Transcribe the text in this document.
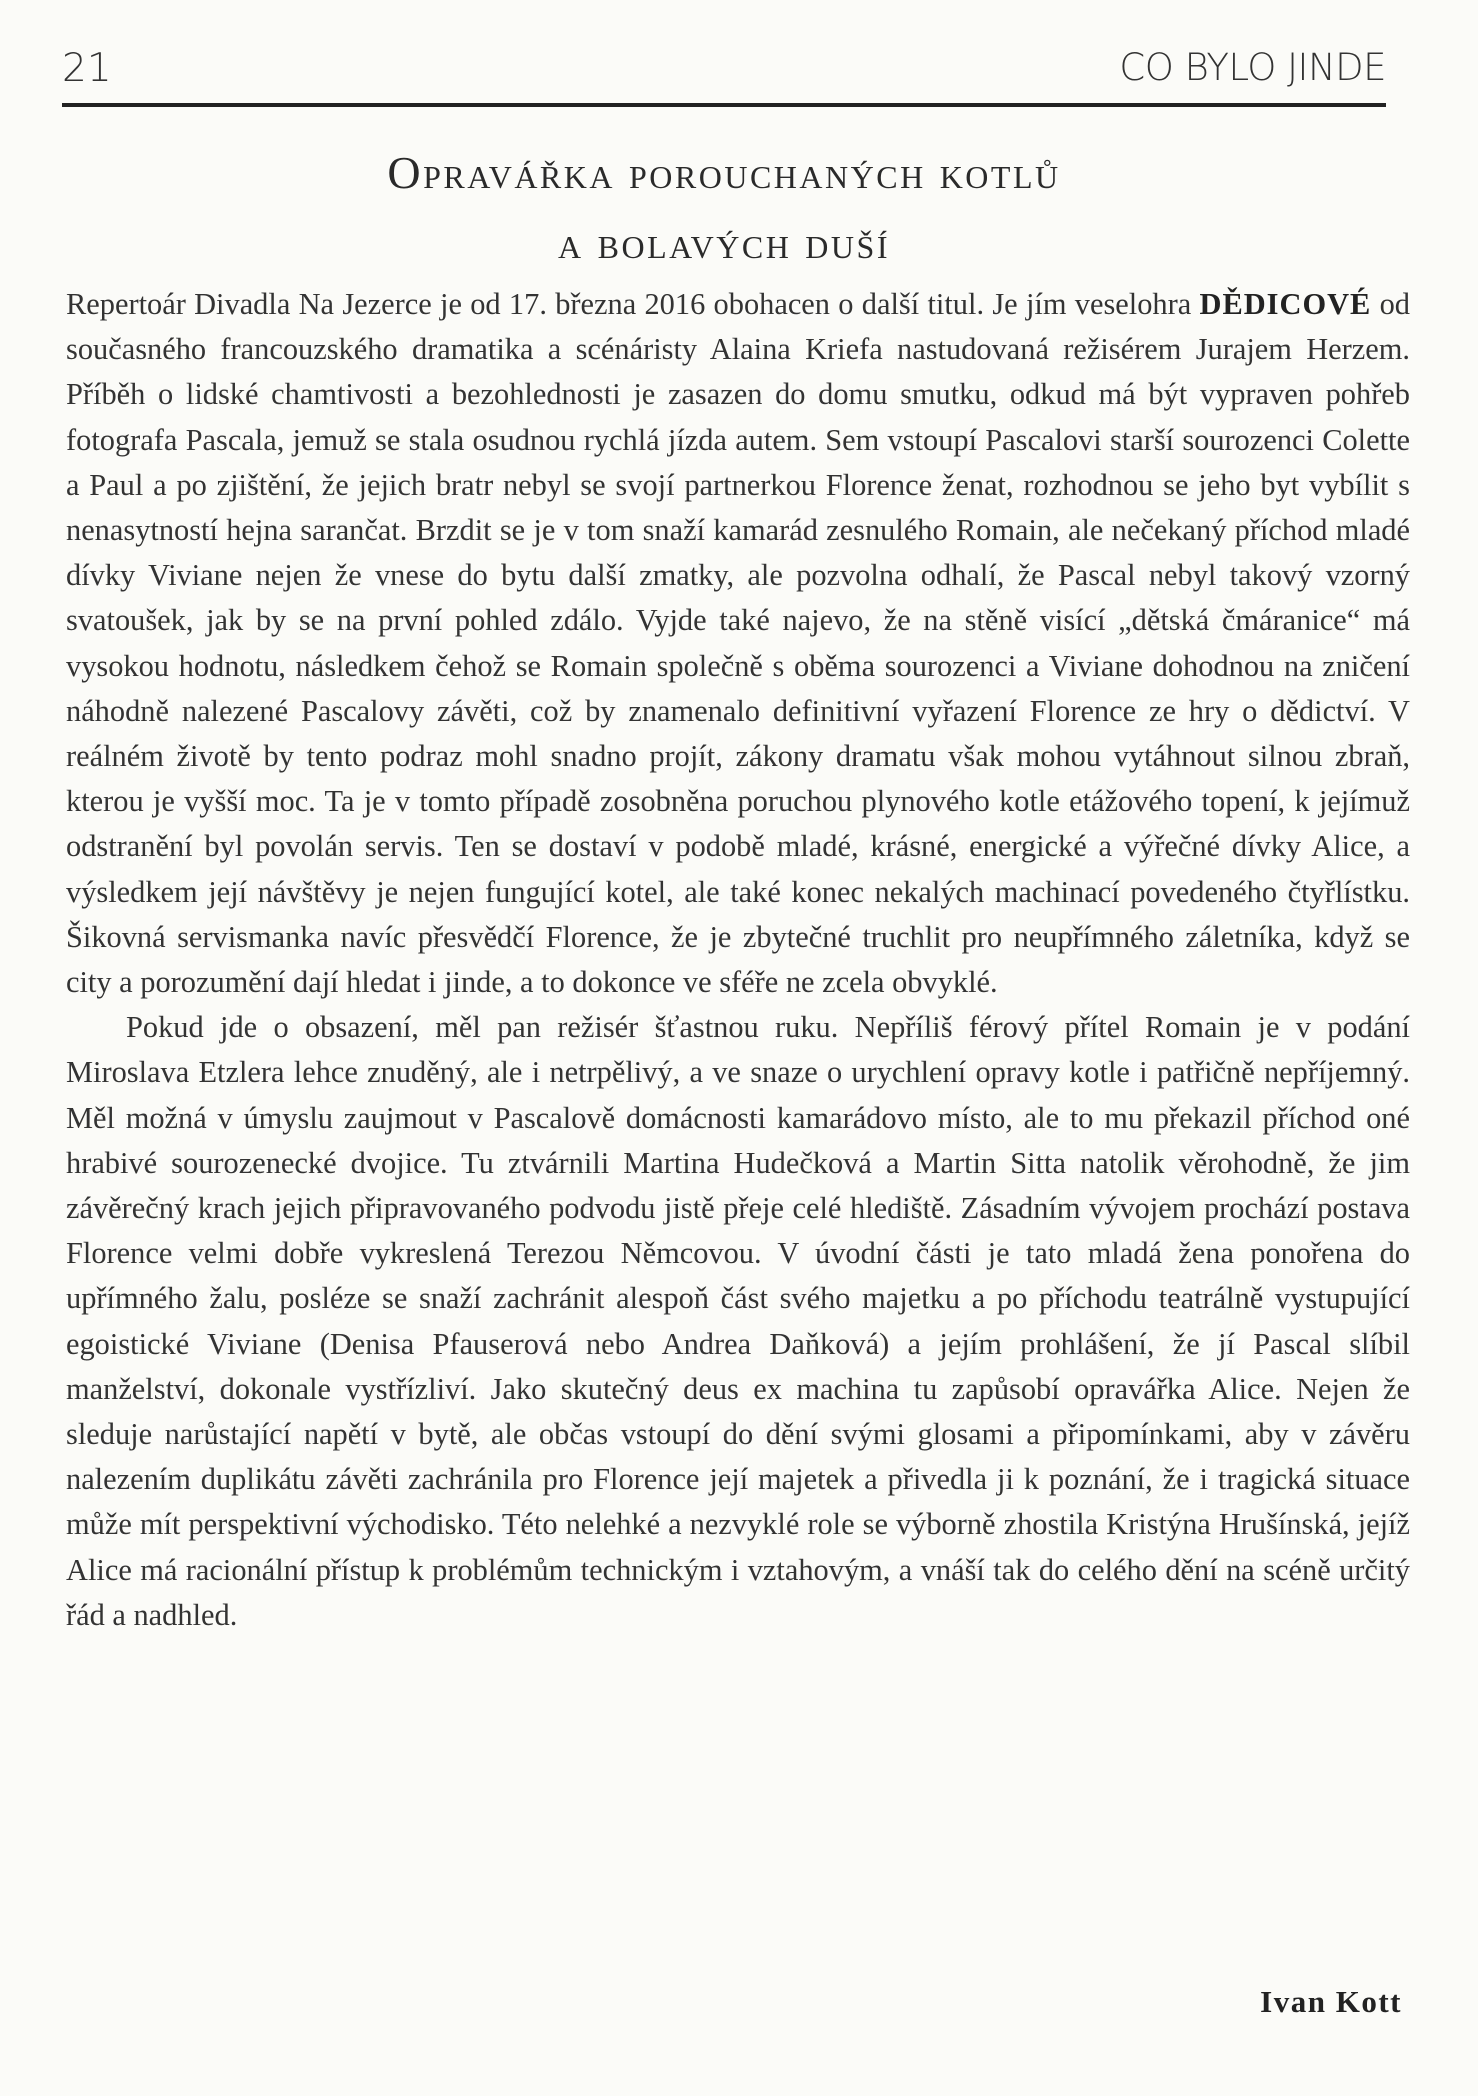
21	CO BYLO JINDE
Opravářka porouchaných kotlů
a bolavých duší

Repertoár Divadla Na Jezerce je od 17. března 2016 obohacen o další titul. Je jím veselohra DĚDICOVÉ od současného francouzského dramatika a scénáristy Alaina Kriefa nastudovaná režisérem Jurajem Herzem. Příběh o lidské chamtivosti a bezohlednosti je zasazen do domu smutku, odkud má být vypraven pohřeb fotografa Pascala, jemuž se stala osudnou rychlá jízda autem. Sem vstoupí Pascalovi starší sourozenci Colette a Paul a po zjištění, že jejich bratr nebyl se svojí partnerkou Florence ženat, rozhodnou se jeho byt vybílit s nenasytností hejna sarančat. Brzdit se je v tom snaží kamarád zesnulého Romain, ale nečekaný příchod mladé dívky Viviane nejen že vnese do bytu další zmatky, ale pozvolna odhalí, že Pascal nebyl takový vzorný svatoušek, jak by se na první pohled zdálo. Vyjde také najevo, že na stěně visící „dětská čmáranice“ má vysokou hodnotu, následkem čehož se Romain společně s oběma sourozenci a Viviane dohodnou na zničení náhodně nalezené Pascalovy závěti, což by znamenalo definitivní vyřazení Florence ze hry o dědictví. V reálném životě by tento podraz mohl snadno projít, zákony dramatu však mohou vytáhnout silnou zbraň, kterou je vyšší moc. Ta je v tomto případě zosobněna poruchou plynového kotle etážového topení, k jejímuž odstranění byl povolán servis. Ten se dostaví v podobě mladé, krásné, energické a výřečné dívky Alice, a výsledkem její návštěvy je nejen fungující kotel, ale také konec nekalých machinací povedeného čtyřlístku. Šikovná servismanka navíc přesvědčí Florence, že je zbytečné truchlit pro neupřímného záletníka, když se city a porozumění dají hledat i jinde, a to dokonce ve sféře ne zcela obvyklé.

Pokud jde o obsazení, měl pan režisér šťastnou ruku. Nepříliš férový přítel Romain je v podání Miroslava Etzlera lehce znuděný, ale i netrpělivý, a ve snaze o urychlení opravy kotle i patřičně nepříjemný. Měl možná v úmyslu zaujmout v Pascalově domácnosti kamarádovo místo, ale to mu překazil příchod oné hrabivé sourozenecké dvojice. Tu ztvárnili Martina Hudečková a Martin Sitta natolik věrohodně, že jim závěrečný krach jejich připravovaného podvodu jistě přeje celé hlediště. Zásadním vývojem prochází postava Florence velmi dobře vykreslená Terezou Němcovou. V úvodní části je tato mladá žena ponořena do upřímného žalu, posléze se snaží zachránit alespoň část svého majetku a po příchodu teatrálně vystupující egoistické Viviane (Denisa Pfauserová nebo Andrea Daňková) a jejím prohlášení, že jí Pascal slíbil manželství, dokonale vystřízliví. Jako skutečný deus ex machina tu zapůsobí opravářka Alice. Nejen že sleduje narůstající napětí v bytě, ale občas vstoupí do dění svými glosami a připomínkami, aby v závěru nalezením duplikátu závěti zachránila pro Florence její majetek a přivedla ji k poznání, že i tragická situace může mít perspektivní východisko. Této nelehké a nezvyklé role se výborně zhostila Kristýna Hrušínská, jejíž Alice má racionální přístup k problémům technickým i vztahovým, a vnáší tak do celého dění na scéně určitý řád a nadhled.

Ivan Kott
